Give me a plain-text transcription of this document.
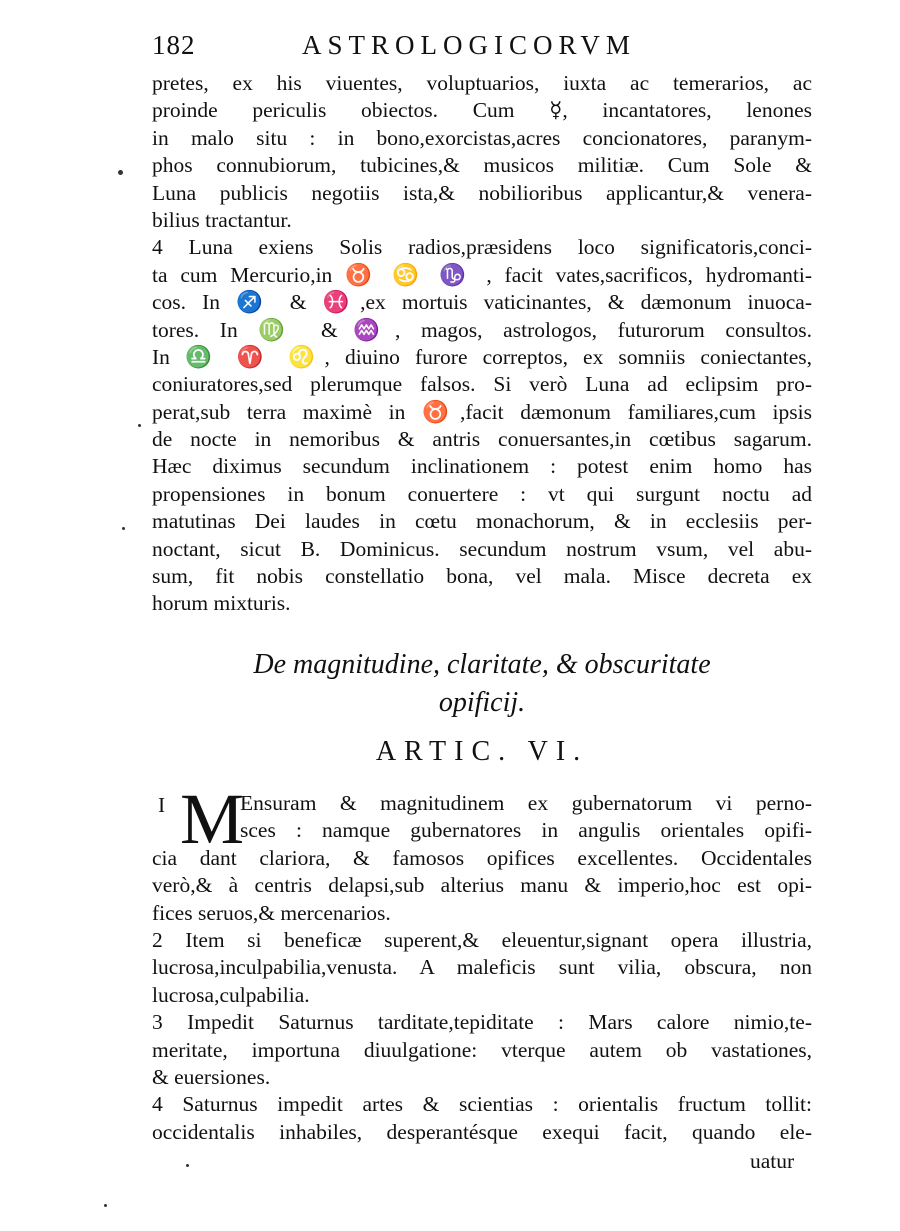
182	ASTROLOGICORVM
pretes, ex his viuentes, voluptuarios, iuxta ac temerarios, ac
proinde periculis obiectos. Cum ☿, incantatores, lenones
in malo situ : in bono,exorcistas,acres concionatores, paranym-
phos connubiorum, tubicines,& musicos militiæ. Cum Sole &
Luna publicis negotiis ista,& nobilioribus applicantur,& venera-
bilius tractantur.
4 Luna exiens Solis radios,præsidens loco significatoris,conci-
ta cum Mercurio,in ♉ ♋ ♑ , facit vates,sacrificos, hydromanti-
cos. In ♐ & ♓,ex mortuis vaticinantes, & dæmonum inuoca-
tores. In ♍ &♒, magos, astrologos, futurorum consultos.
In ♎ ♈ ♌, diuino furore correptos, ex somniis coniectantes,
coniuratores,sed plerumque falsos. Si verò Luna ad eclipsim pro-
perat,sub terra maximè in ♉,facit dæmonum familiares,cum ipsis
de nocte in nemoribus & antris conuersantes,in cœtibus sagarum.
Hæc diximus secundum inclinationem : potest enim homo has
propensiones in bonum conuertere : vt qui surgunt noctu ad
matutinas Dei laudes in cœtu monachorum, & in ecclesiis per-
noctant, sicut B. Dominicus. secundum nostrum vsum, vel abu-
sum, fit nobis constellatio bona, vel mala. Misce decreta ex
horum mixturis.
De magnitudine, claritate, & obscuritate
opificij.
ARTIC. VI.
I M
Ensuram & magnitudinem ex gubernatorum vi perno-
sces : namque gubernatores in angulis orientales opifi-
cia dant clariora, & famosos opifices excellentes. Occidentales
verò,& à centris delapsi,sub alterius manu & imperio,hoc est opi-
fices seruos,& mercenarios.
2 Item si beneficæ superent,& eleuentur,signant opera illustria,
lucrosa,inculpabilia,venusta. A maleficis sunt vilia, obscura, non
lucrosa,culpabilia.
3 Impedit Saturnus tarditate,tepiditate : Mars calore nimio,te-
meritate, importuna diuulgatione: vterque autem ob vastationes,
& euersiones.
4 Saturnus impedit artes & scientias : orientalis fructum tollit:
occidentalis inhabiles, desperantésque exequi facit, quando ele-
uatur
